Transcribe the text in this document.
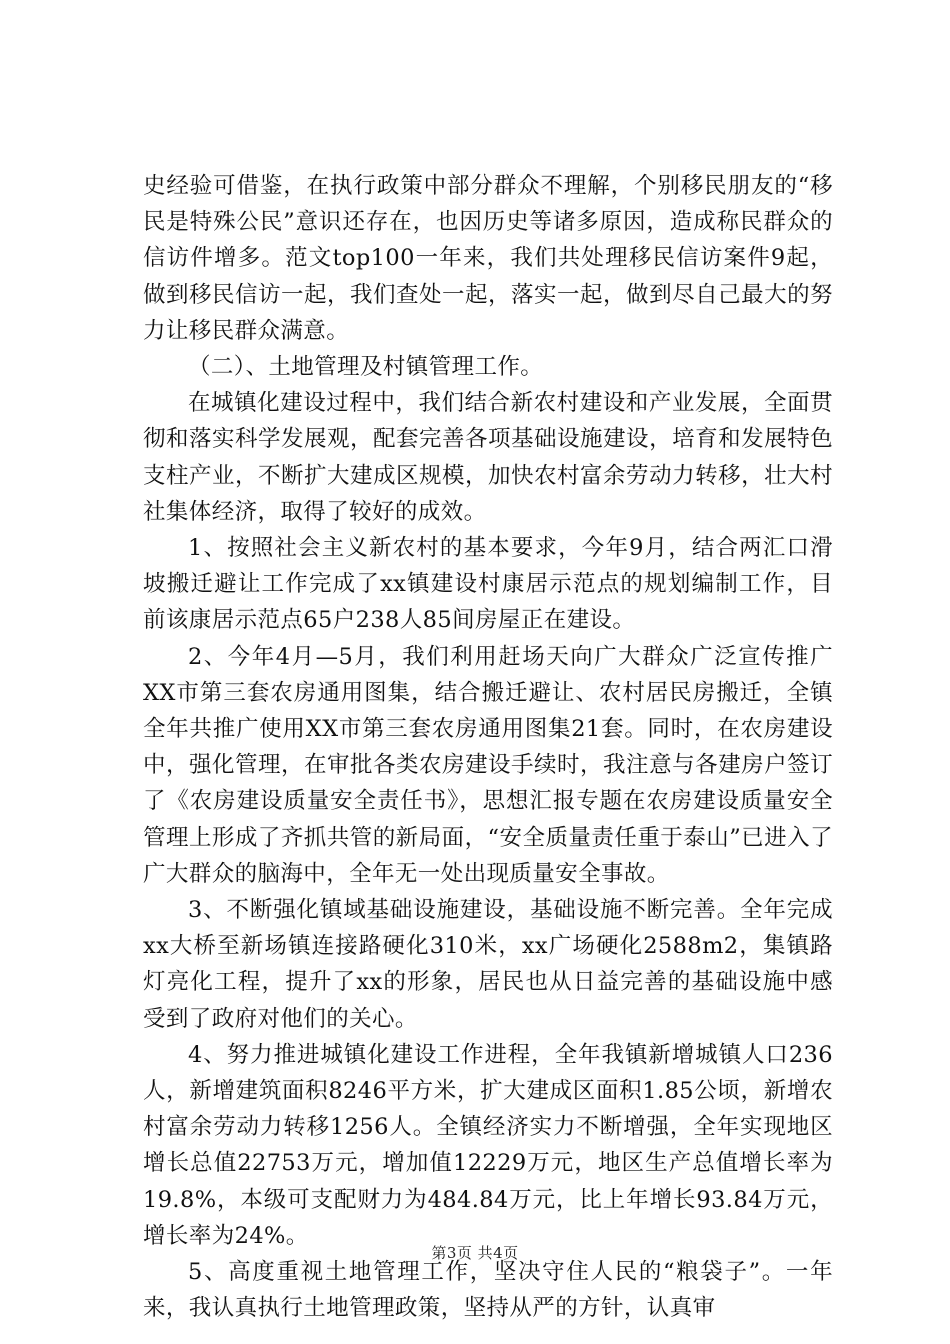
史经验可借鉴，在执行政策中部分群众不理解，个别移民朋友的“移民是特殊公民”意识还存在，也因历史等诸多原因，造成称民群众的信访件增多。范文top100一年来，我们共处理移民信访案件9起，做到移民信访一起，我们查处一起，落实一起，做到尽自己最大的努力让移民群众满意。

（二）、土地管理及村镇管理工作。

在城镇化建设过程中，我们结合新农村建设和产业发展，全面贯彻和落实科学发展观，配套完善各项基础设施建设，培育和发展特色支柱产业，不断扩大建成区规模，加快农村富余劳动力转移，壮大村社集体经济，取得了较好的成效。

1、按照社会主义新农村的基本要求，今年9月，结合两汇口滑坡搬迁避让工作完成了xx镇建设村康居示范点的规划编制工作，目前该康居示范点65户238人85间房屋正在建设。

2、今年4月—5月，我们利用赶场天向广大群众广泛宣传推广XX市第三套农房通用图集，结合搬迁避让、农村居民房搬迁，全镇全年共推广使用XX市第三套农房通用图集21套。同时，在农房建设中，强化管理，在审批各类农房建设手续时，我注意与各建房户签订了《农房建设质量安全责任书》，思想汇报专题在农房建设质量安全管理上形成了齐抓共管的新局面，“安全质量责任重于泰山”已进入了广大群众的脑海中，全年无一处出现质量安全事故。

3、不断强化镇域基础设施建设，基础设施不断完善。全年完成xx大桥至新场镇连接路硬化310米，xx广场硬化2588m2，集镇路灯亮化工程，提升了xx的形象，居民也从日益完善的基础设施中感受到了政府对他们的关心。

4、努力推进城镇化建设工作进程，全年我镇新增城镇人口236人，新增建筑面积8246平方米，扩大建成区面积1.85公顷，新增农村富余劳动力转移1256人。全镇经济实力不断增强，全年实现地区增长总值22753万元，增加值12229万元，地区生产总值增长率为19.8%，本级可支配财力为484.84万元，比上年增长93.84万元，增长率为24%。

5、高度重视土地管理工作，坚决守住人民的“粮袋子”。一年来，我认真执行土地管理政策，坚持从严的方针，认真审

第3页 共4页
